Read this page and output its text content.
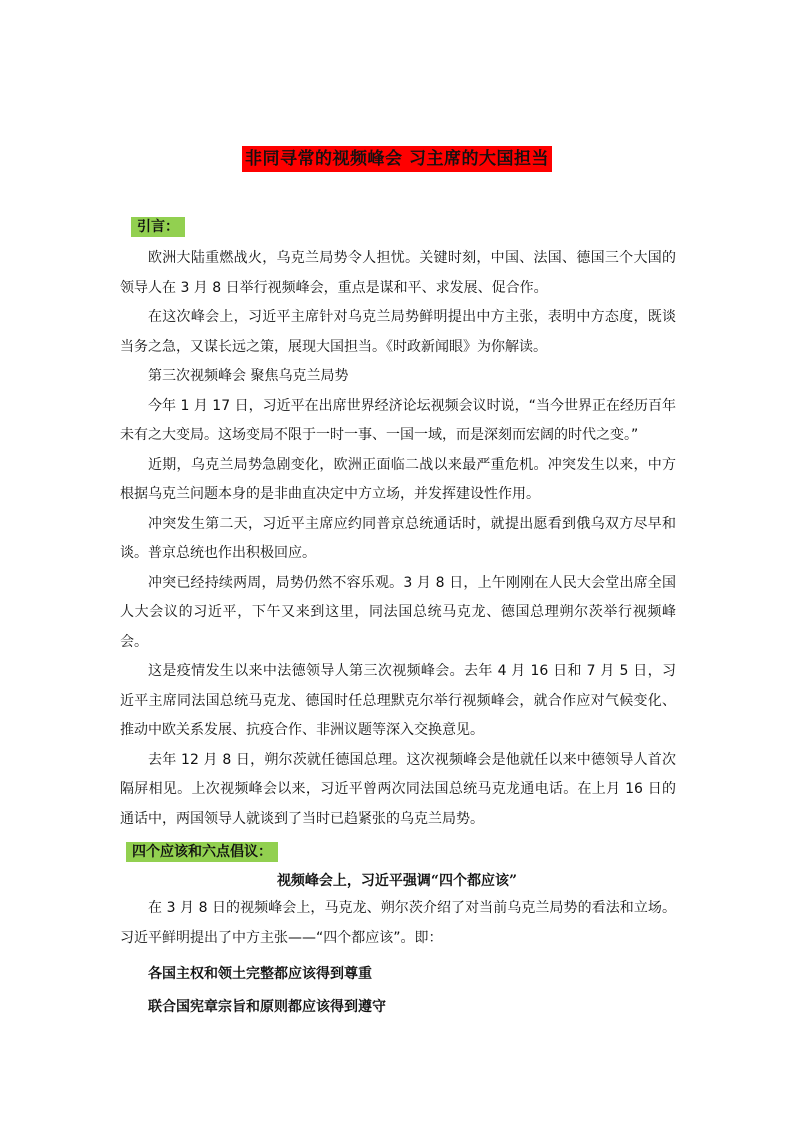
非同寻常的视频峰会 习主席的大国担当
引言：

欧洲大陆重燃战火，乌克兰局势令人担忧。关键时刻，中国、法国、德国三个大国的领导人在 3 月 8 日举行视频峰会，重点是谋和平、求发展、促合作。

在这次峰会上，习近平主席针对乌克兰局势鲜明提出中方主张，表明中方态度，既谈当务之急，又谋长远之策，展现大国担当。《时政新闻眼》为你解读。

第三次视频峰会 聚焦乌克兰局势

今年 1 月 17 日，习近平在出席世界经济论坛视频会议时说，“当今世界正在经历百年未有之大变局。这场变局不限于一时一事、一国一域，而是深刻而宏阔的时代之变。”

近期，乌克兰局势急剧变化，欧洲正面临二战以来最严重危机。冲突发生以来，中方根据乌克兰问题本身的是非曲直决定中方立场，并发挥建设性作用。

冲突发生第二天，习近平主席应约同普京总统通话时，就提出愿看到俄乌双方尽早和谈。普京总统也作出积极回应。

冲突已经持续两周，局势仍然不容乐观。3 月 8 日，上午刚刚在人民大会堂出席全国人大会议的习近平，下午又来到这里，同法国总统马克龙、德国总理朔尔茨举行视频峰会。

这是疫情发生以来中法德领导人第三次视频峰会。去年 4 月 16 日和 7 月 5 日，习近平主席同法国总统马克龙、德国时任总理默克尔举行视频峰会，就合作应对气候变化、推动中欧关系发展、抗疫合作、非洲议题等深入交换意见。

去年 12 月 8 日，朔尔茨就任德国总理。这次视频峰会是他就任以来中德领导人首次隔屏相见。上次视频峰会以来，习近平曾两次同法国总统马克龙通电话。在上月 16 日的通话中，两国领导人就谈到了当时已趋紧张的乌克兰局势。

四个应该和六点倡议：
视频峰会上，习近平强调“四个都应该”

在 3 月 8 日的视频峰会上，马克龙、朔尔茨介绍了对当前乌克兰局势的看法和立场。习近平鲜明提出了中方主张——“四个都应该”。即：

各国主权和领土完整都应该得到尊重
联合国宪章宗旨和原则都应该得到遵守
